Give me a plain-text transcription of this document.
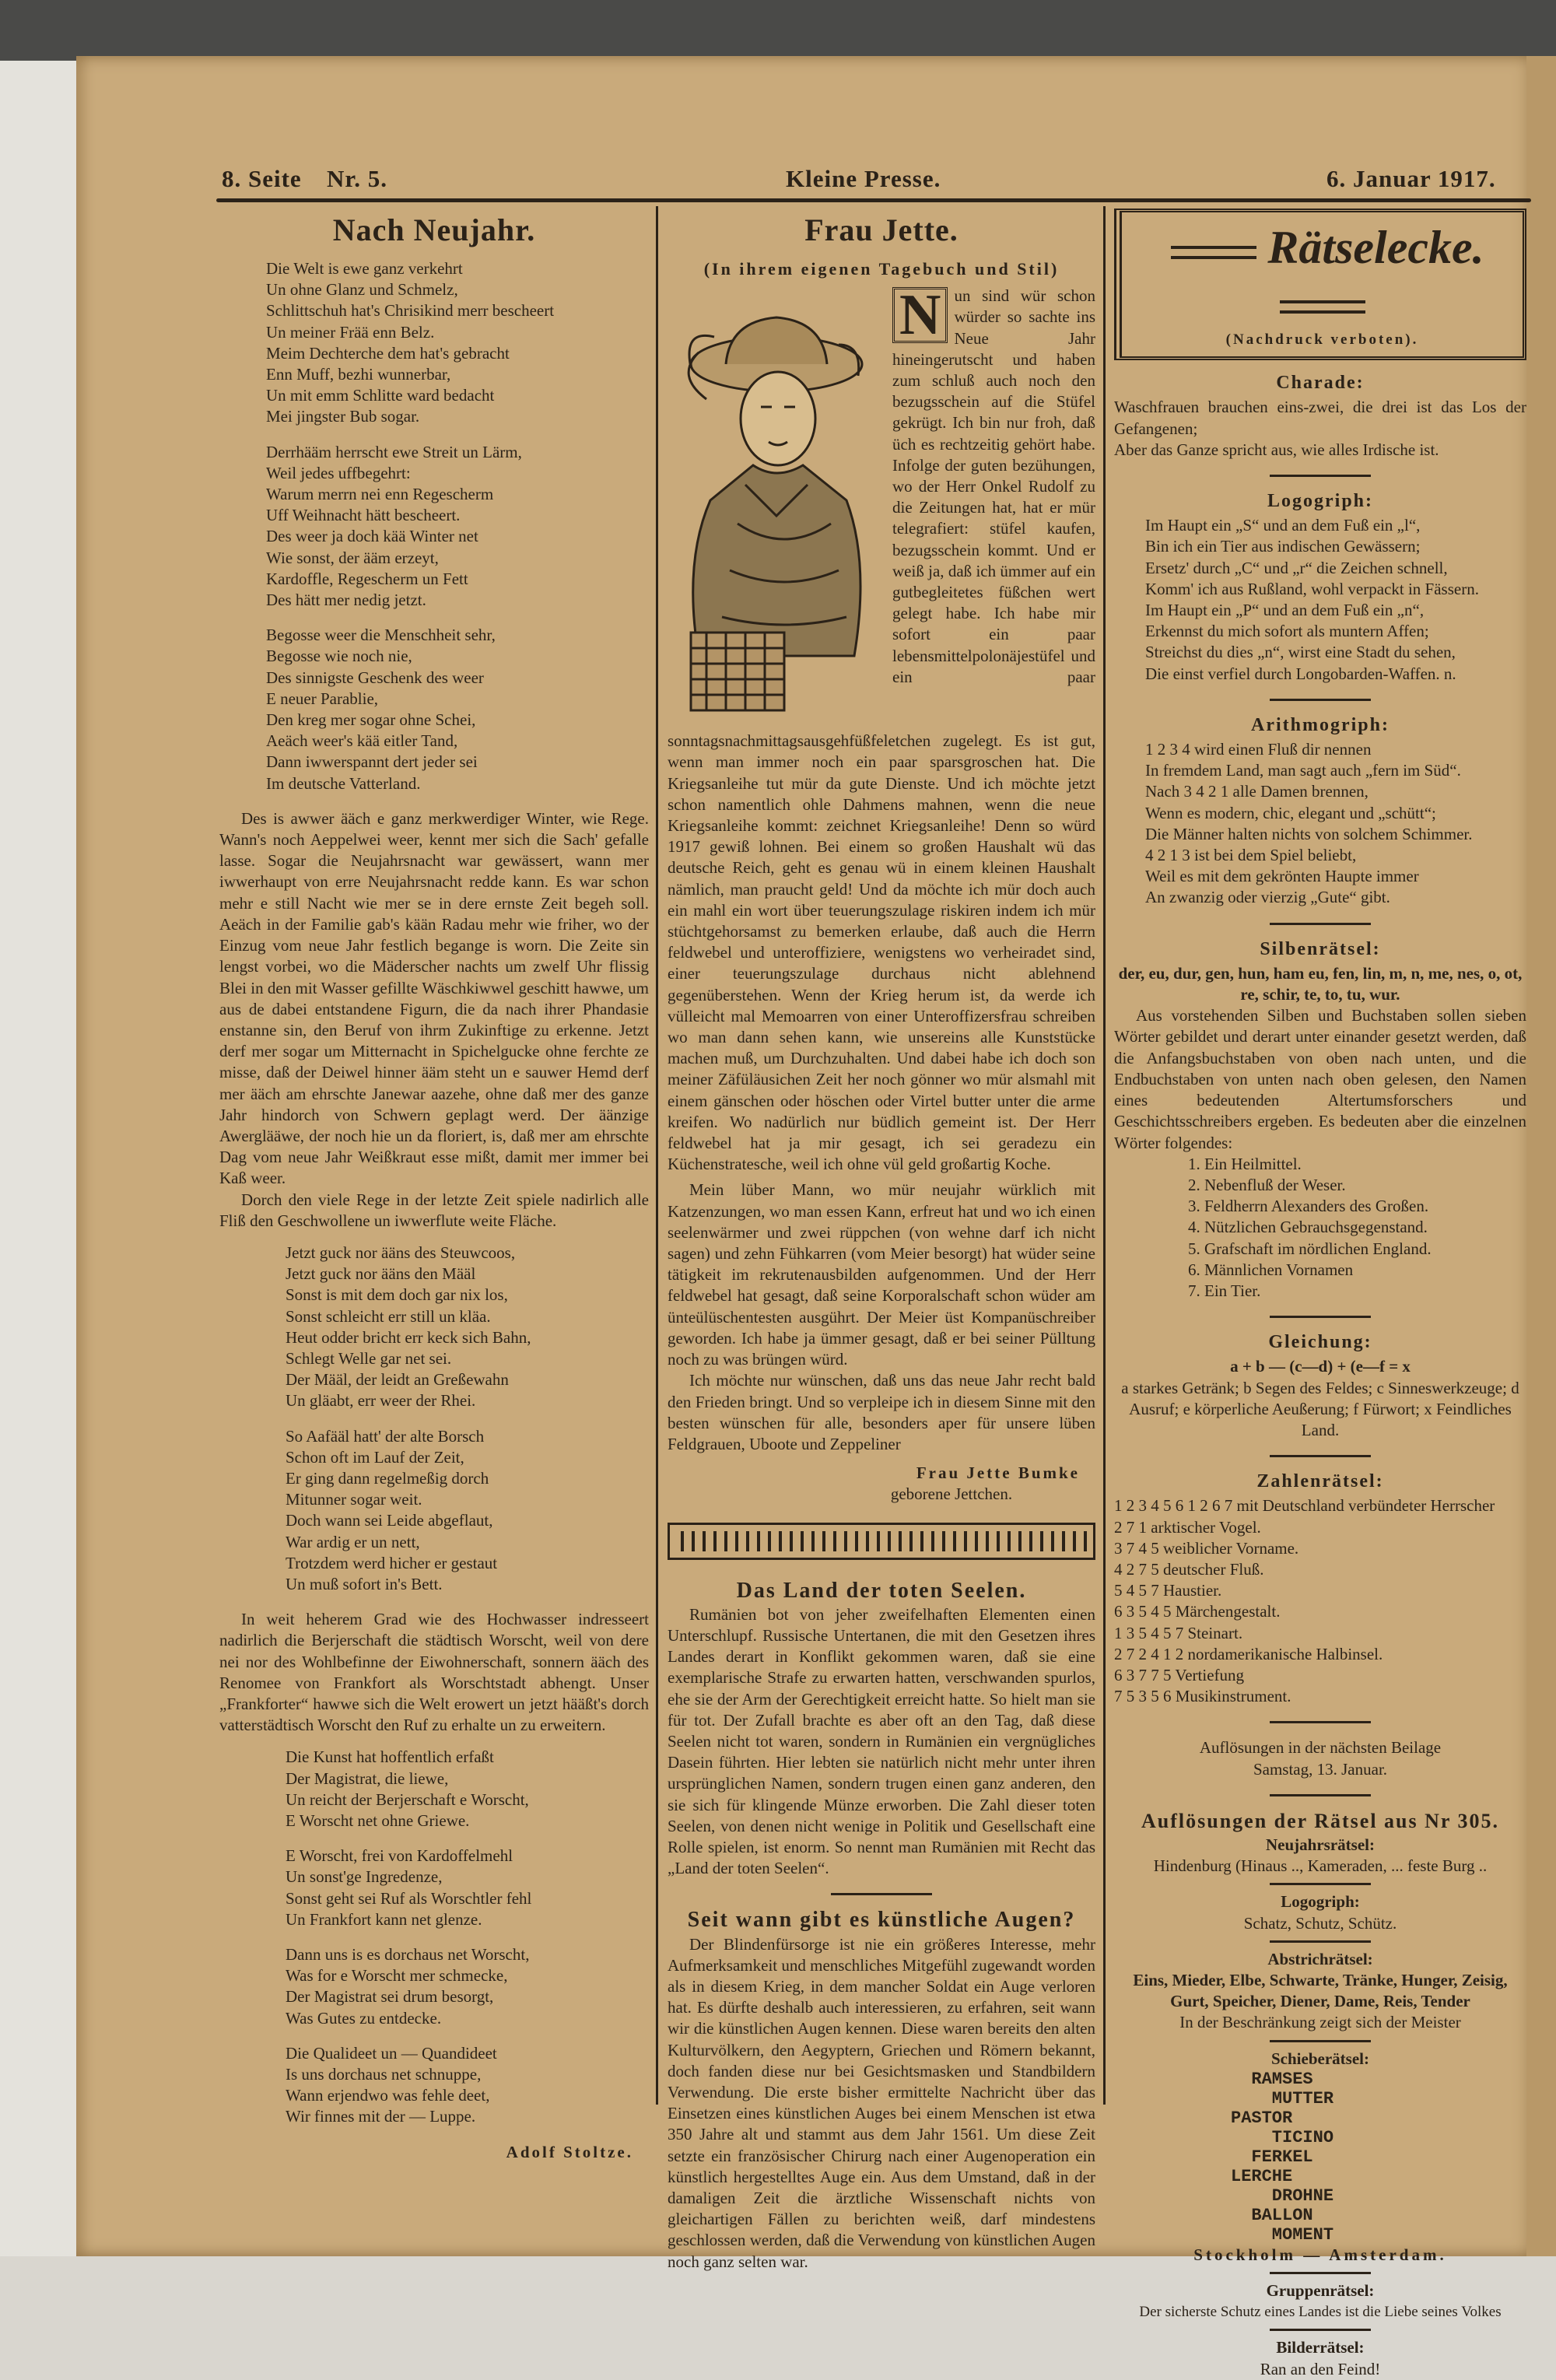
8. Seite Nr. 5.	Kleine Presse.	6. Januar 1917.
Nach Neujahr.
Die Welt is ewe ganz verkehrt
Un ohne Glanz und Schmelz,
Schlittschuh hat's Chrisikind merr bescheert
Un meiner Frää enn Belz.
Meim Dechterche dem hat's gebracht
Enn Muff, bezhi wunnerbar,
Un mit emm Schlitte ward bedacht
Mei jingster Bub sogar.
Derrhääm herrscht ewe Streit un Lärm,
Weil jedes uffbegehrt:
Warum merrn nei enn Regescherm
Uff Weihnacht hätt bescheert.
Des weer ja doch kää Winter net
Wie sonst, der ääm erzeyt,
Kardoffle, Regescherm un Fett
Des hätt mer nedig jetzt.
Begosse weer die Menschheit sehr,
Begosse wie noch nie,
Des sinnigste Geschenk des weer
E neuer Parablie,
Den kreg mer sogar ohne Schei,
Aeäch weer's kää eitler Tand,
Dann iwwerspannt dert jeder sei
Im deutsche Vatterland.

Des is awwer ääch e ganz merkwerdiger Winter, wie Rege. Wann's noch Aeppelwei weer, kennt mer sich die Sach' gefalle lasse. Sogar die Neujahrsnacht war gewässert, wann mer iwwerhaupt von erre Neujahrsnacht redde kann. Es war schon mehr e still Nacht wie mer se in dere ernste Zeit begeh soll. Aeäch in der Familie gab's kään Radau mehr wie friher, wo der Einzug vom neue Jahr festlich begange is worn. Die Zeite sin lengst vorbei, wo die Mäderscher nachts um zwelf Uhr flissig Blei in den mit Wasser gefillte Wäschkiwwel geschitt hawwe, um aus de dabei entstandene Figurn, die da nach ihrer Phandasie enstanne sin, den Beruf von ihrm Zukinftige zu erkenne. Jetzt derf mer sogar um Mitternacht in Spichelgucke ohne ferchte ze misse, daß der Deiwel hinner ääm steht un e sauwer Hemd derf mer ääch am ehrschte Janewar aazehe, ohne daß mer des ganze Jahr hindorch von Schwern geplagt werd. Der äänzige Awerglääwe, der noch hie un da floriert, is, daß mer am ehrschte Dag vom neue Jahr Weißkraut esse mißt, damit mer immer bei Kaß weer.

Dorch den viele Rege in der letzte Zeit spiele nadirlich alle Fliß den Geschwollene un iwwerflute weite Fläche.

Jetzt guck nor ääns des Steuwcoos,
Jetzt guck nor ääns den Määl
Sonst is mit dem doch gar nix los,
Sonst schleicht err still un kläa.
Heut odder bricht err keck sich Bahn,
Schlegt Welle gar net sei.
Der Määl, der leidt an Greßewahn
Un gläabt, err weer der Rhei.
So Aafääl hatt' der alte Borsch
Schon oft im Lauf der Zeit,
Er ging dann regelmeßig dorch
Mitunner sogar weit.
Doch wann sei Leide abgeflaut,
War ardig er un nett,
Trotzdem werd hicher er gestaut
Un muß sofort in's Bett.

In weit heherem Grad wie des Hochwasser indresseert nadirlich die Berjerschaft die städtisch Worscht, weil von dere nei nor des Wohlbefinne der Eiwohnerschaft, sonnern ääch des Renomee von Frankfort als Worschtstadt abhengt. Unser „Frankforter“ hawwe sich die Welt erowert un jetzt hääßt's dorch vatterstädtisch Worscht den Ruf zu erhalte un zu erweitern.

Die Kunst hat hoffentlich erfaßt
Der Magistrat, die liewe,
Un reicht der Berjerschaft e Worscht,
E Worscht net ohne Griewe.
E Worscht, frei von Kardoffelmehl
Un sonst'ge Ingredenze,
Sonst geht sei Ruf als Worschtler fehl
Un Frankfort kann net glenze.
Dann uns is es dorchaus net Worscht,
Was for e Worscht mer schmecke,
Der Magistrat sei drum besorgt,
Was Gutes zu entdecke.
Die Qualideet un — Quandideet
Is uns dorchaus net schnuppe,
Wann erjendwo was fehle deet,
Wir finnes mit der — Luppe.
Adolf Stoltze.
Frau Jette.
(In ihrem eigenen Tagebuch und Stil)
N un sind wür schon würder so sachte ins Neue Jahr hineingerutscht und haben zum schluß auch noch den bezugsschein auf die Stüfel gekrügt. Ich bin nur froh, daß üch es rechtzeitig gehört habe. Infolge der guten bezühungen, wo der Herr Onkel Rudolf zu die Zeitungen hat, hat er mür telegrafiert: stüfel kaufen, bezugsschein kommt. Und er weiß ja, daß ich ümmer auf ein gutbegleitetes füßchen wert gelegt habe. Ich habe mir sofort ein paar lebensmittelpolonäjestüfel und ein paar sonntagsnachmittagsausgehfüßfeletchen zugelegt. Es ist gut, wenn man immer noch ein paar sparsgroschen hat. Die Kriegsanleihe tut mür da gute Dienste. Und ich möchte jetzt schon namentlich ohle Dahmens mahnen, wenn die neue Kriegsanleihe kommt: zeichnet Kriegsanleihe! Denn so würd 1917 gewiß lohnen. Bei einem so großen Haushalt wü das deutsche Reich, geht es genau wü in einem kleinen Haushalt nämlich, man praucht geld! Und da möchte ich mür doch auch ein mahl ein wort über teuerungszulage riskiren indem ich mür stüchtgehorsamst zu bemerken erlaube, daß auch die Herrn feldwebel und unteroffiziere, wenigstens wo verheiradet sind, einer teuerungszulage durchaus nicht ablehnend gegenüberstehen. Wenn der Krieg herum ist, da werde ich vülleicht mal Memoarren von einer Unteroffizersfrau schreiben wo man dann sehen kann, wie unsereins alle Kunststücke machen muß, um Durchzuhalten. Und dabei habe ich doch son meiner Zäfüläusichen Zeit her noch gönner wo mür alsmahl mit einem gänschen oder höschen oder Virtel butter unter die arme kreifen. Wo nadürlich nur büdlich gemeint ist. Der Herr feldwebel hat ja mir gesagt, ich sei geradezu ein Küchenstratesche, weil ich ohne vül geld großartig Koche.

Mein lüber Mann, wo mür neujahr würklich mit Katzenzungen, wo man essen Kann, erfreut hat und wo ich einen seelenwärmer und zwei rüppchen (von wehne darf ich nicht sagen) und zehn Fühkarren (vom Meier besorgt) hat wüder seine tätigkeit im rekrutenausbilden aufgenommen. Und der Herr feldwebel hat gesagt, daß seine Korporalschaft schon wüder am ünteülüschentesten ausgührt. Der Meier üst Kompanüschreiber geworden. Ich habe ja ümmer gesagt, daß er bei seiner Pülltung noch zu was brüngen würd.

Ich möchte nur wünschen, daß uns das neue Jahr recht bald den Frieden bringt. Und so verpleipe ich in diesem Sinne mit den besten wünschen für alle, besonders aper für unsere lüben Feldgrauen, Uboote und Zeppeliner

Frau Jette Bumke
geborene Jettchen.
Das Land der toten Seelen.

Rumänien bot von jeher zweifelhaften Elementen einen Unterschlupf. Russische Untertanen, die mit den Gesetzen ihres Landes derart in Konflikt gekommen waren, daß sie eine exemplarische Strafe zu erwarten hatten, verschwanden spurlos, ehe sie der Arm der Gerechtigkeit erreicht hatte. So hielt man sie für tot. Der Zufall brachte es aber oft an den Tag, daß diese Seelen nicht tot waren, sondern in Rumänien ein vergnügliches Dasein führten. Hier lebten sie natürlich nicht mehr unter ihren ursprünglichen Namen, sondern trugen einen ganz anderen, den sie sich für klingende Münze erworben. Die Zahl dieser toten Seelen, von denen nicht wenige in Politik und Gesellschaft eine Rolle spielen, ist enorm. So nennt man Rumänien mit Recht das „Land der toten Seelen“.

Seit wann gibt es künstliche Augen?

Der Blindenfürsorge ist nie ein größeres Interesse, mehr Aufmerksamkeit und menschliches Mitgefühl zugewandt worden als in diesem Krieg, in dem mancher Soldat ein Auge verloren hat. Es dürfte deshalb auch interessieren, zu erfahren, seit wann wir die künstlichen Augen kennen. Diese waren bereits den alten Kulturvölkern, den Aegyptern, Griechen und Römern bekannt, doch fanden diese nur bei Gesichtsmasken und Standbildern Verwendung. Die erste bisher ermittelte Nachricht über das Einsetzen eines künstlichen Auges bei einem Menschen ist etwa 350 Jahre alt und stammt aus dem Jahr 1561. Um diese Zeit setzte ein französischer Chirurg nach einer Augenoperation ein künstlich hergestelltes Auge ein. Aus dem Umstand, daß in der damaligen Zeit die ärztliche Wissenschaft nichts von gleichartigen Fällen zu berichten weiß, darf mindestens geschlossen werden, daß die Verwendung von künstlichen Augen noch ganz selten war.

Rätselecke.
(Nachdruck verboten).
Charade:
Waschfrauen brauchen eins-zwei, die drei ist das Los der Gefangenen;
Aber das Ganze spricht aus, wie alles Irdische ist.
Logogriph:
Im Haupt ein „S“ und an dem Fuß ein „l“,
Bin ich ein Tier aus indischen Gewässern;
Ersetz' durch „C“ und „r“ die Zeichen schnell,
Komm' ich aus Rußland, wohl verpackt in Fässern.
Im Haupt ein „P“ und an dem Fuß ein „n“,
Erkennst du mich sofort als muntern Affen;
Streichst du dies „n“, wirst eine Stadt du sehen,
Die einst verfiel durch Longobarden-Waffen. n.
Arithmogriph:
1 2 3 4 wird einen Fluß dir nennen
In fremdem Land, man sagt auch „fern im Süd“.
Nach 3 4 2 1 alle Damen brennen,
Wenn es modern, chic, elegant und „schütt“;
Die Männer halten nichts von solchem Schimmer.
4 2 1 3 ist bei dem Spiel beliebt,
Weil es mit dem gekrönten Haupte immer
An zwanzig oder vierzig „Gute“ gibt.
Silbenrätsel:
der, eu, dur, gen, hun, ham eu, fen, lin, m, n, me, nes, o, ot, re, schir, te, to, tu, wur.

Aus vorstehenden Silben und Buchstaben sollen sieben Wörter gebildet und derart unter einander gesetzt werden, daß die Anfangsbuchstaben von oben nach unten, und die Endbuchstaben von unten nach oben gelesen, den Namen eines bedeutenden Altertumsforschers und Geschichtsschreibers ergeben. Es bedeuten aber die einzelnen Wörter folgendes:

1. Ein Heilmittel.
2. Nebenfluß der Weser.
3. Feldherrn Alexanders des Großen.
4. Nützlichen Gebrauchsgegenstand.
5. Grafschaft im nördlichen England.
6. Männlichen Vornamen
7. Ein Tier.
Gleichung:
a + b — (c—d) + (e—f = x
a starkes Getränk; b Segen des Feldes; c Sinneswerkzeuge; d Ausruf; e körperliche Aeußerung; f Fürwort; x Feindliches Land.
Zahlenrätsel:
1 2 3 4 5 6 1 2 6 7 mit Deutschland verbündeter Herrscher
2 7 1 arktischer Vogel.
3 7 4 5 weiblicher Vorname.
4 2 7 5 deutscher Fluß.
5 4 5 7 Haustier.
6 3 5 4 5 Märchengestalt.
1 3 5 4 5 7 Steinart.
2 7 2 4 1 2 nordamerikanische Halbinsel.
6 3 7 7 5 Vertiefung
7 5 3 5 6 Musikinstrument.
Auflösungen in der nächsten Beilage
Samstag, 13. Januar.
Auflösungen der Rätsel aus Nr 305.
Neujahrsrätsel:
Hindenburg (Hinaus .., Kameraden, ... feste Burg ..
Logogriph:
Schatz, Schutz, Schütz.
Abstrichrätsel:
Eins, Mieder, Elbe, Schwarte, Tränke, Hunger, Zeisig, Gurt, Speicher, Diener, Dame, Reis, Tender
In der Beschränkung zeigt sich der Meister
Schieberätsel:
RAMSES
MUTTER
PASTOR
TICINO
FERKEL
LERCHE
DROHNE
BALLON
MOMENT
Stockholm — Amsterdam.
Gruppenrätsel:
Der sicherste Schutz eines Landes ist die Liebe seines Volkes
Bilderrätsel:
Ran an den Feind!
